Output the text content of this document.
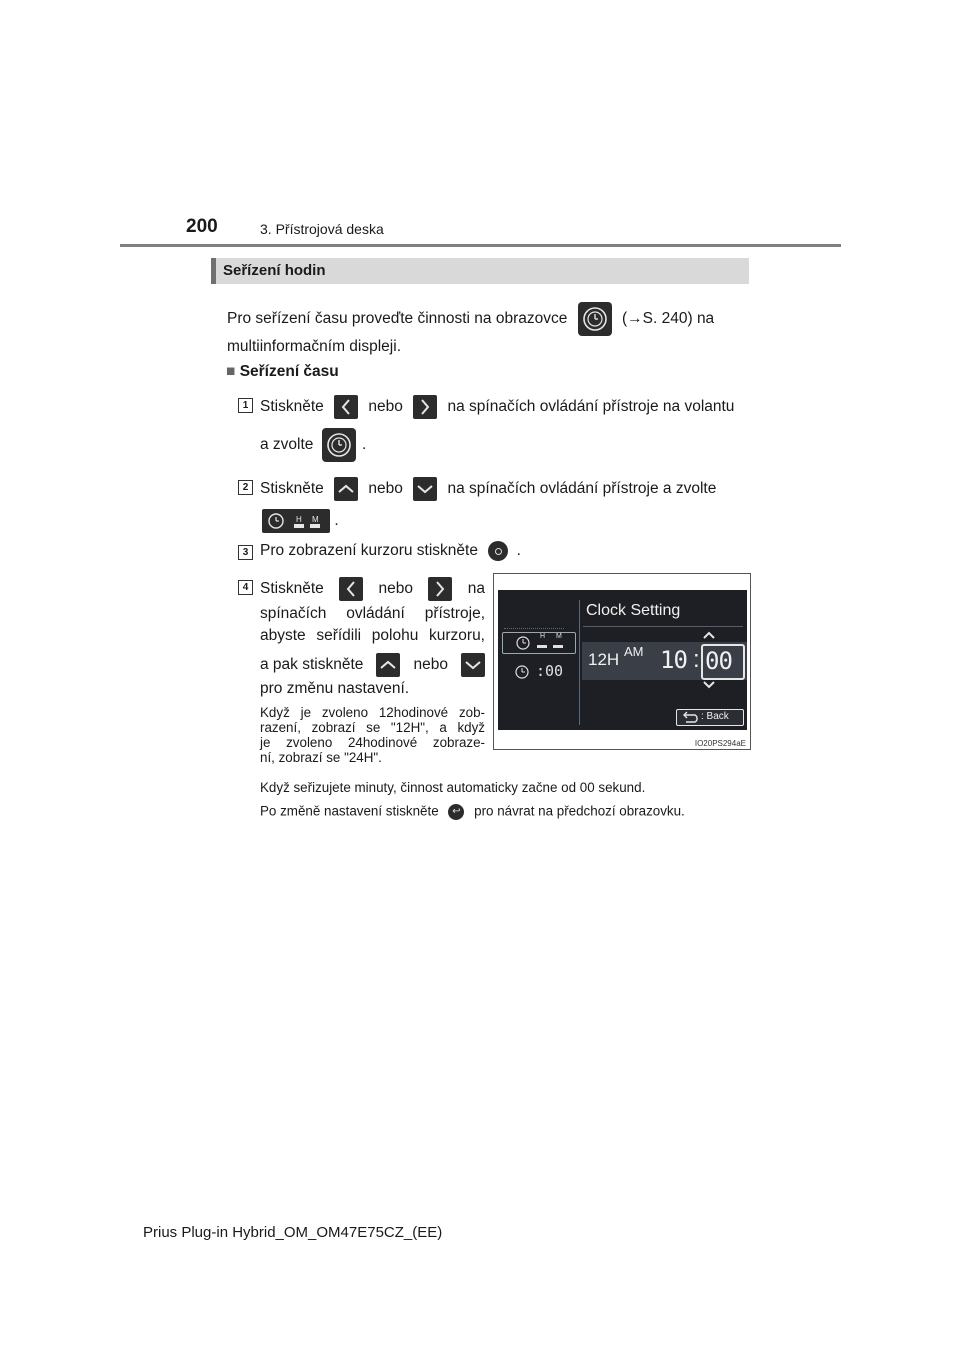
200	3. Přístrojová deska
Seřízení hodin
Pro seřízení času proveďte činnosti na obrazovce	(→S. 240) na
multiinformačním displeji.
■ Seřízení času
1 Stiskněte	nebo	na spínačích ovládání přístroje na volantu
a zvolte	.
2 Stiskněte	nebo	na spínačích ovládání přístroje a zvolte
H M .
3 Pro zobrazení kurzoru stiskněte .
4 Stiskněte	nebo	na
spínačích ovládání přístroje,
abyste seřídili polohu kurzoru,
a pak stiskněte	nebo
pro změnu nastavení.
Když je zvoleno 12hodinové zob-
razení, zobrazí se "12H", a když
je zvoleno 24hodinové zobraze-
ní, zobrazí se "24H".
H M
:00
Clock Setting
12H AM 10 : 00
: Back
IO20PS294aE
Když seřizujete minuty, činnost automaticky začne od 00 sekund.
Po změně nastavení stiskněte ↩ pro návrat na předchozí obrazovku.
Prius Plug-in Hybrid_OM_OM47E75CZ_(EE)
